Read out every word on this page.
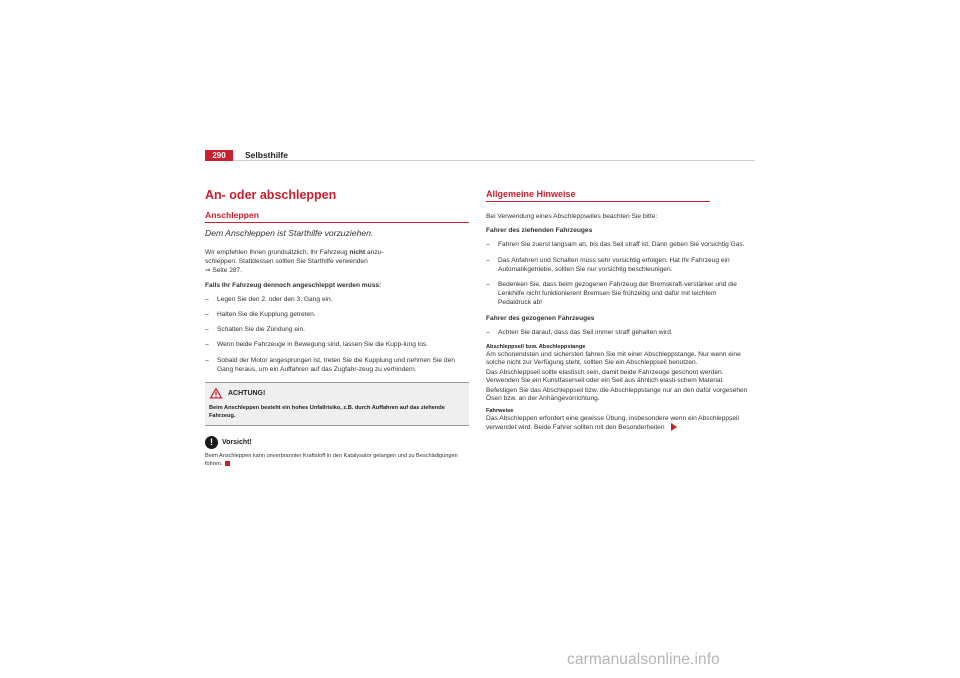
290	Selbsthilfe
An- oder abschleppen
Anschleppen
Dem Anschleppen ist Starthilfe vorzuziehen.

Wir empfehlen Ihnen grundsätzlich, Ihr Fahrzeug nicht anzu-
schleppen. Stattdessen sollten Sie Starthilfe verwenden
⇒ Seite 287.

Falls Ihr Fahrzeug dennoch angeschleppt werden muss:

– Legen Sie den 2. oder den 3. Gang ein.
– Halten Sie die Kupplung getreten.
– Schalten Sie die Zündung ein.
– Wenn beide Fahrzeuge in Bewegung sind, lassen Sie die Kupp-lung los.
– Sobald der Motor angesprungen ist, treten Sie die Kupplung und nehmen Sie den Gang heraus, um ein Auffahren auf das Zugfahr-zeug zu verhindern.
ACHTUNG!
Beim Anschleppen besteht ein hohes Unfallrisiko, z.B. durch Auffahren auf das ziehende Fahrzeug.
!	Vorsicht!
Beim Anschleppen kann unverbrannter Kraftstoff in den Katalysator gelangen und zu Beschädigungen führen.
Allgemeine Hinweise

Bei Verwendung eines Abschleppseiles beachten Sie bitte:

Fahrer des ziehenden Fahrzeuges

– Fahren Sie zuerst langsam an, bis das Seil straff ist. Dann geben Sie vorsichtig Gas.
– Das Anfahren und Schalten muss sehr vorsichtig erfolgen. Hat Ihr Fahrzeug ein Automatikgetriebe, sollten Sie nur vorsichtig beschleunigen.
– Bedenken Sie, dass beim gezogenen Fahrzeug der Bremskraft-verstärker und die Lenkhilfe nicht funktionieren! Bremsen Sie frühzeitig und dafür mit leichtem Pedaldruck ab!

Fahrer des gezogenen Fahrzeuges

– Achten Sie darauf, dass das Seil immer straff gehalten wird.
Abschleppseil bzw. Abschleppstange

Am schonendsten und sichersten fahren Sie mit einer Abschleppstange. Nur wenn eine solche nicht zur Verfügung steht, sollten Sie ein Abschleppseil benutzen.

Das Abschleppseil sollte elastisch sein, damit beide Fahrzeuge geschont werden. Verwenden Sie ein Kunstfaserseil oder ein Seil aus ähnlich elasti-schem Material.

Befestigen Sie das Abschleppseil bzw. die Abschleppstange nur an den dafür vorgesehen Ösen bzw. an der Anhängevorrichtung.

Fahrweise

Das Abschleppen erfordert eine gewisse Übung, insbesondere wenn ein Abschleppseil verwendet wird. Beide Fahrer sollten mit den Besonderheiten

carmanualsonline.info
